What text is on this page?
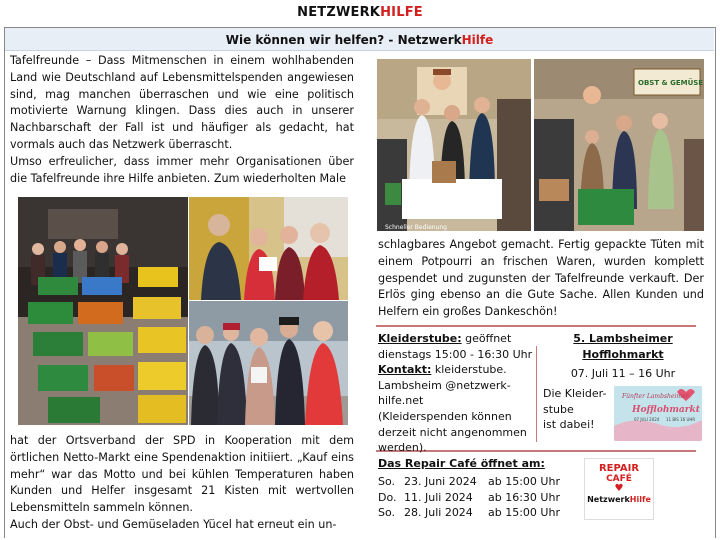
NETZWERKHILFE
Wie können wir helfen? - NetzwerkHilfe

Tafelfreunde – Dass Mitmenschen in einem wohlhabenden Land wie Deutschland auf Lebensmittelspenden angewiesen sind, mag manchen überraschen und wie eine politisch motivierte Warnung klingen. Dass dies auch in unserer Nachbarschaft der Fall ist und häufiger als gedacht, hat vormals auch das Netzwerk überrascht.

Umso erfreulicher, dass immer mehr Organisationen über die Tafelfreunde ihre Hilfe anbieten. Zum wiederholten Male

hat der Ortsverband der SPD in Kooperation mit dem örtlichen Netto-Markt eine Spendenaktion initiiert. „Kauf eins mehr“ war das Motto und bei kühlen Temperaturen haben Kunden und Helfer insgesamt 21 Kisten mit wertvollen Lebensmitteln sammeln können.

Auch der Obst- und Gemüseladen Yücel hat erneut ein un-

Schneller Bedienung
OBST & GEMÜSE

schlagbares Angebot gemacht. Fertig gepackte Tüten mit einem Potpourri an frischen Waren, wurden komplett gespendet und zugunsten der Tafelfreunde verkauft. Der Erlös ging ebenso an die Gute Sache. Allen Kunden und Helfern ein großes Dankeschön!

Kleiderstube: geöffnet
dienstags 15:00 - 16:30 Uhr
Kontakt: kleiderstube.
Lambsheim @netzwerk-hilfe.net
(Kleiderspenden können derzeit nicht angenommen werden).
5. Lambsheimer
Hofflohmarkt
07. Juli 11 – 16 Uhr
Die Kleider-
stube
ist dabei!
Fünfter Lambsheimer
Hofflohmarkt
07 JULI 2024 11 BIS 16 UHR
Das Repair Café öffnet am:
So. 23. Juni 2024 ab 15:00 Uhr
Do. 11. Juli 2024 ab 16:30 Uhr
So. 28. Juli 2024 ab 15:00 Uhr
REPAIR
CAFÉ
♥
NetzwerkHilfe
